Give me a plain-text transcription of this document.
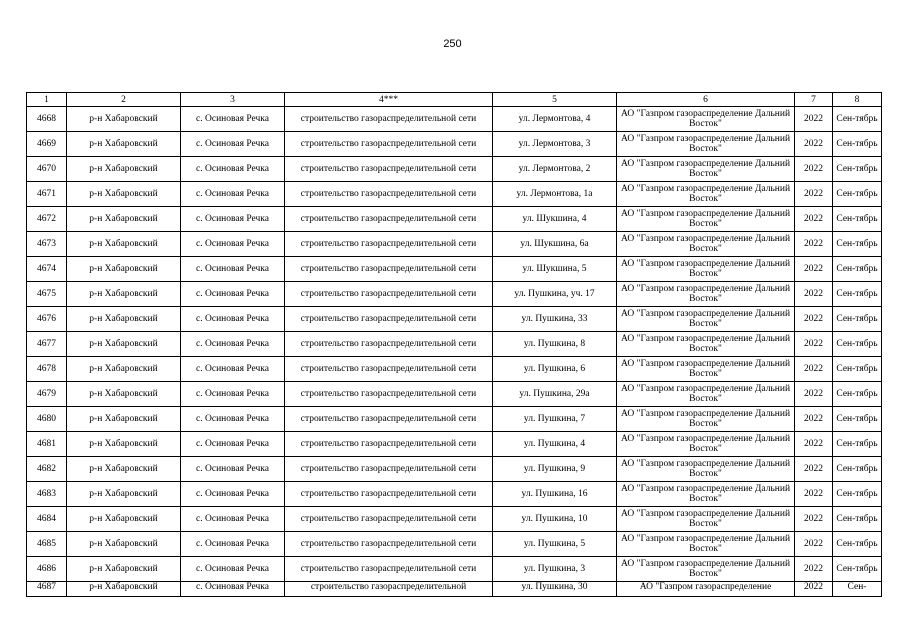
250
1	2	3	4***	5	6	7	8
4668	р-н Хабаровский	с. Осиновая Речка	строительство газораспределительной сети	ул. Лермонтова, 4	АО "Газпром газораспределение Дальний Восток"	2022	Сен-тябрь
4669	р-н Хабаровский	с. Осиновая Речка	строительство газораспределительной сети	ул. Лермонтова, 3	АО "Газпром газораспределение Дальний Восток"	2022	Сен-тябрь
4670	р-н Хабаровский	с. Осиновая Речка	строительство газораспределительной сети	ул. Лермонтова, 2	АО "Газпром газораспределение Дальний Восток"	2022	Сен-тябрь
4671	р-н Хабаровский	с. Осиновая Речка	строительство газораспределительной сети	ул. Лермонтова, 1а	АО "Газпром газораспределение Дальний Восток"	2022	Сен-тябрь
4672	р-н Хабаровский	с. Осиновая Речка	строительство газораспределительной сети	ул. Шукшина, 4	АО "Газпром газораспределение Дальний Восток"	2022	Сен-тябрь
4673	р-н Хабаровский	с. Осиновая Речка	строительство газораспределительной сети	ул. Шукшина, 6а	АО "Газпром газораспределение Дальний Восток"	2022	Сен-тябрь
4674	р-н Хабаровский	с. Осиновая Речка	строительство газораспределительной сети	ул. Шукшина, 5	АО "Газпром газораспределение Дальний Восток"	2022	Сен-тябрь
4675	р-н Хабаровский	с. Осиновая Речка	строительство газораспределительной сети	ул. Пушкина, уч. 17	АО "Газпром газораспределение Дальний Восток"	2022	Сен-тябрь
4676	р-н Хабаровский	с. Осиновая Речка	строительство газораспределительной сети	ул. Пушкина, 33	АО "Газпром газораспределение Дальний Восток"	2022	Сен-тябрь
4677	р-н Хабаровский	с. Осиновая Речка	строительство газораспределительной сети	ул. Пушкина, 8	АО "Газпром газораспределение Дальний Восток"	2022	Сен-тябрь
4678	р-н Хабаровский	с. Осиновая Речка	строительство газораспределительной сети	ул. Пушкина, 6	АО "Газпром газораспределение Дальний Восток"	2022	Сен-тябрь
4679	р-н Хабаровский	с. Осиновая Речка	строительство газораспределительной сети	ул. Пушкина, 29а	АО "Газпром газораспределение Дальний Восток"	2022	Сен-тябрь
4680	р-н Хабаровский	с. Осиновая Речка	строительство газораспределительной сети	ул. Пушкина, 7	АО "Газпром газораспределение Дальний Восток"	2022	Сен-тябрь
4681	р-н Хабаровский	с. Осиновая Речка	строительство газораспределительной сети	ул. Пушкина, 4	АО "Газпром газораспределение Дальний Восток"	2022	Сен-тябрь
4682	р-н Хабаровский	с. Осиновая Речка	строительство газораспределительной сети	ул. Пушкина, 9	АО "Газпром газораспределение Дальний Восток"	2022	Сен-тябрь
4683	р-н Хабаровский	с. Осиновая Речка	строительство газораспределительной сети	ул. Пушкина, 16	АО "Газпром газораспределение Дальний Восток"	2022	Сен-тябрь
4684	р-н Хабаровский	с. Осиновая Речка	строительство газораспределительной сети	ул. Пушкина, 10	АО "Газпром газораспределение Дальний Восток"	2022	Сен-тябрь
4685	р-н Хабаровский	с. Осиновая Речка	строительство газораспределительной сети	ул. Пушкина, 5	АО "Газпром газораспределение Дальний Восток"	2022	Сен-тябрь
4686	р-н Хабаровский	с. Осиновая Речка	строительство газораспределительной сети	ул. Пушкина, 3	АО "Газпром газораспределение Дальний Восток"	2022	Сен-тябрь
4687	р-н Хабаровский	с. Осиновая Речка	строительство газораспределительной	ул. Пушкина, 30	АО "Газпром газораспределение	2022	Сен-
